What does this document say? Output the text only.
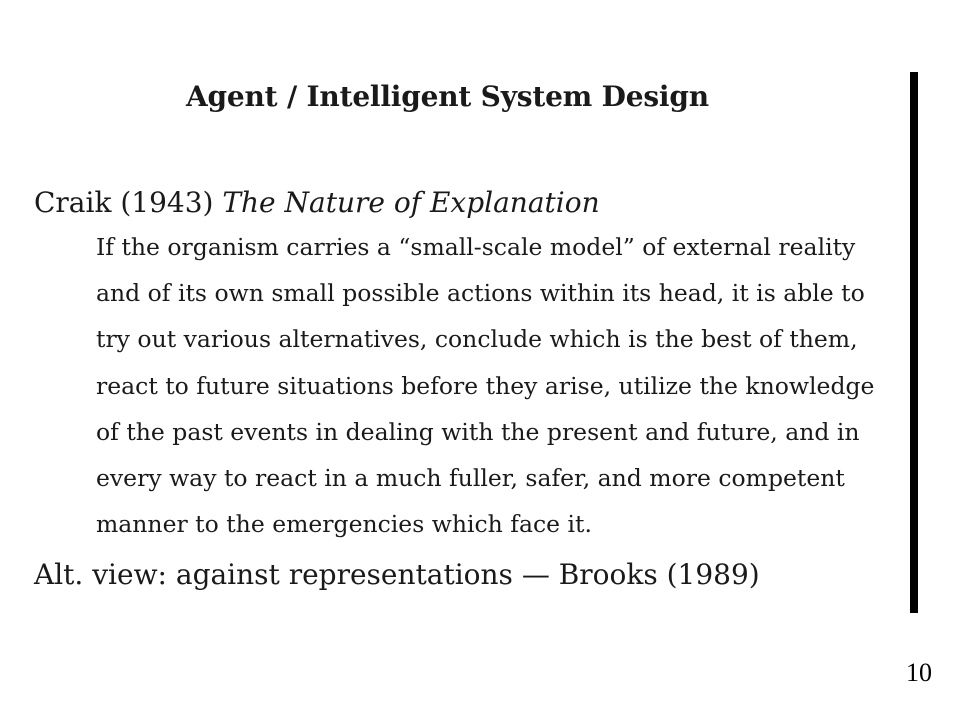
Agent / Intelligent System Design
Craik (1943) The Nature of Explanation
If the organism carries a “small-scale model” of external reality
and of its own small possible actions within its head, it is able to
try out various alternatives, conclude which is the best of them,
react to future situations before they arise, utilize the knowledge
of the past events in dealing with the present and future, and in
every way to react in a much fuller, safer, and more competent
manner to the emergencies which face it.
Alt. view: against representations — Brooks (1989)
10
